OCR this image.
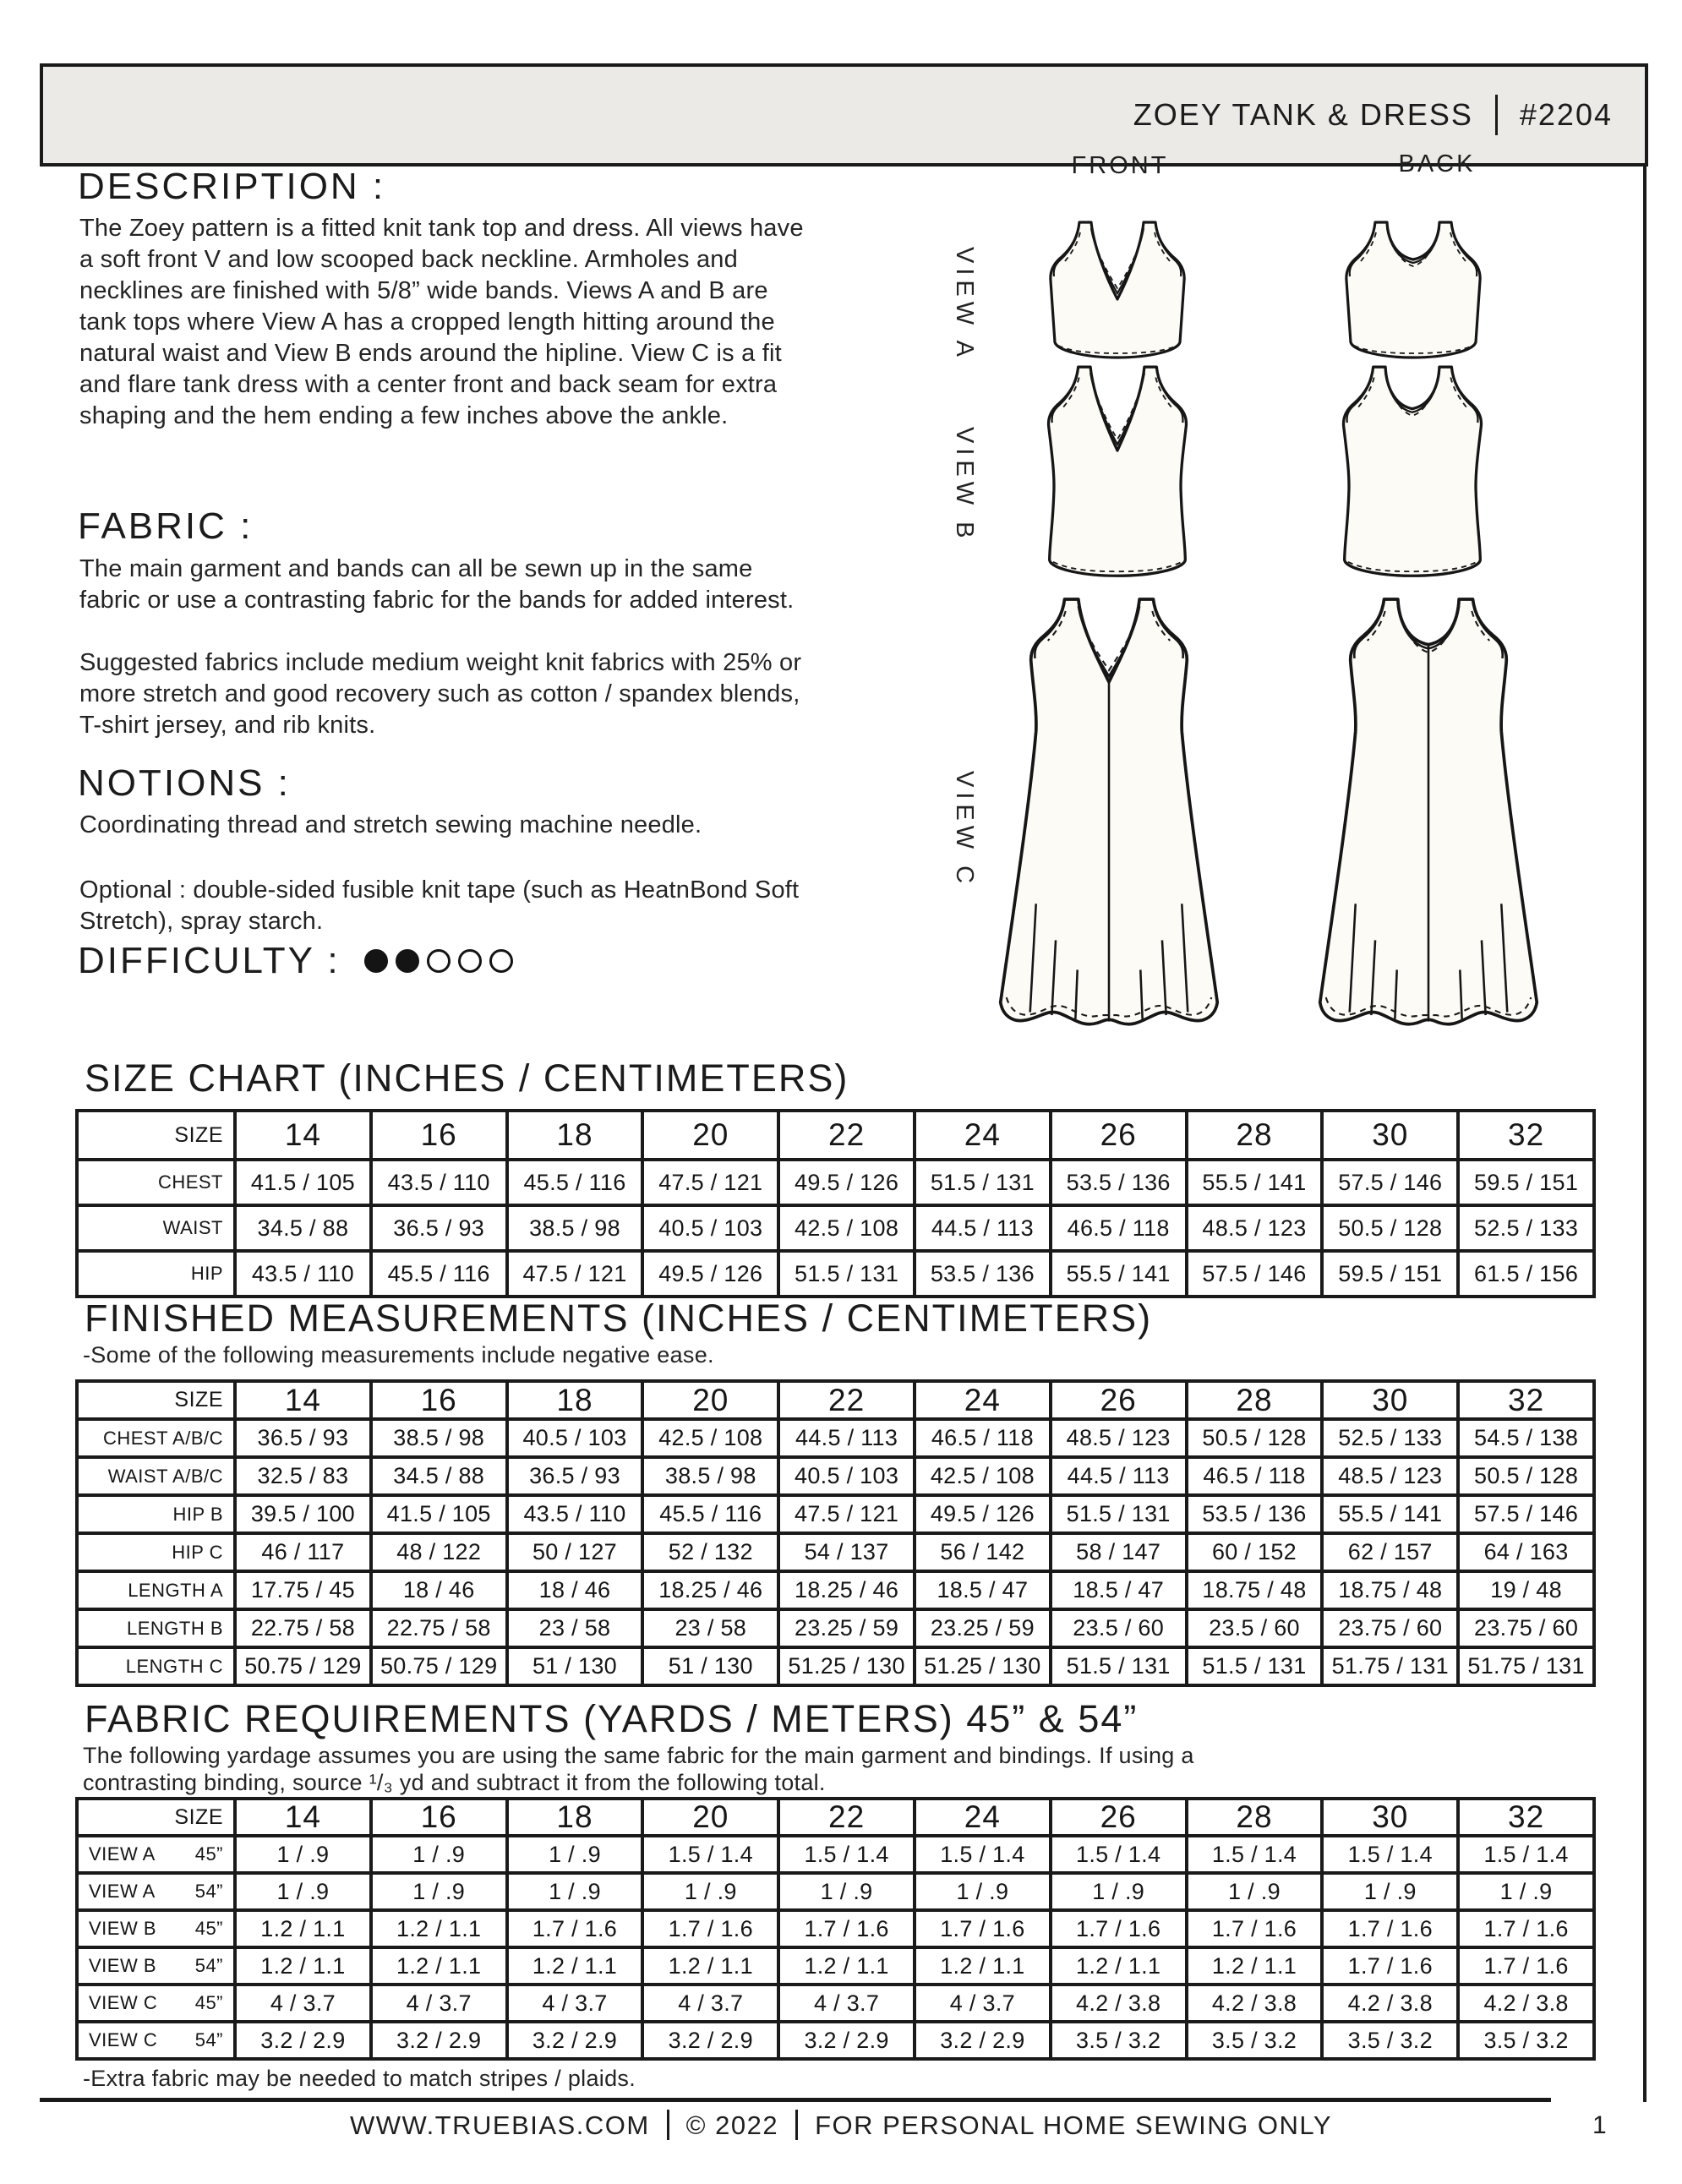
ZOEY TANK & DRESS #2204
DESCRIPTION :
The Zoey pattern is a fitted knit tank top and dress. All views have a soft front V and low scooped back neckline. Armholes and necklines are finished with 5/8” wide bands. Views A and B are tank tops where View A has a cropped length hitting around the natural waist and View B ends around the hipline. View C is a fit and flare tank dress with a center front and back seam for extra shaping and the hem ending a few inches above the ankle.
FABRIC :
The main garment and bands can all be sewn up in the same fabric or use a contrasting fabric for the bands for added interest.
Suggested fabrics include medium weight knit fabrics with 25% or more stretch and good recovery such as cotton / spandex blends, T-shirt jersey, and rib knits.
NOTIONS :
Coordinating thread and stretch sewing machine needle.
Optional : double-sided fusible knit tape (such as HeatnBond Soft Stretch), spray starch.
DIFFICULTY :
FRONT	BACK
VIEW A
VIEW B
VIEW C
SIZE CHART (INCHES / CENTIMETERS)
SIZE	14	16	18	20	22	24	26	28	30	32
CHEST	41.5 / 105	43.5 / 110	45.5 / 116	47.5 / 121	49.5 / 126	51.5 / 131	53.5 / 136	55.5 / 141	57.5 / 146	59.5 / 151
WAIST	34.5 / 88	36.5 / 93	38.5 / 98	40.5 / 103	42.5 / 108	44.5 / 113	46.5 / 118	48.5 / 123	50.5 / 128	52.5 / 133
HIP	43.5 / 110	45.5 / 116	47.5 / 121	49.5 / 126	51.5 / 131	53.5 / 136	55.5 / 141	57.5 / 146	59.5 / 151	61.5 / 156
FINISHED MEASUREMENTS (INCHES / CENTIMETERS)
-Some of the following measurements include negative ease.
SIZE	14	16	18	20	22	24	26	28	30	32
CHEST A/B/C	36.5 / 93	38.5 / 98	40.5 / 103	42.5 / 108	44.5 / 113	46.5 / 118	48.5 / 123	50.5 / 128	52.5 / 133	54.5 / 138
WAIST A/B/C	32.5 / 83	34.5 / 88	36.5 / 93	38.5 / 98	40.5 / 103	42.5 / 108	44.5 / 113	46.5 / 118	48.5 / 123	50.5 / 128
HIP B	39.5 / 100	41.5 / 105	43.5 / 110	45.5 / 116	47.5 / 121	49.5 / 126	51.5 / 131	53.5 / 136	55.5 / 141	57.5 / 146
HIP C	46 / 117	48 / 122	50 / 127	52 / 132	54 / 137	56 / 142	58 / 147	60 / 152	62 / 157	64 / 163
LENGTH A	17.75 / 45	18 / 46	18 / 46	18.25 / 46	18.25 / 46	18.5 / 47	18.5 / 47	18.75 / 48	18.75 / 48	19 / 48
LENGTH B	22.75 / 58	22.75 / 58	23 / 58	23 / 58	23.25 / 59	23.25 / 59	23.5 / 60	23.5 / 60	23.75 / 60	23.75 / 60
LENGTH C	50.75 / 129	50.75 / 129	51 / 130	51 / 130	51.25 / 130	51.25 / 130	51.5 / 131	51.5 / 131	51.75 / 131	51.75 / 131
FABRIC REQUIREMENTS (YARDS / METERS) 45” & 54”
The following yardage assumes you are using the same fabric for the main garment and bindings. If using a
contrasting binding, source ¹/₃ yd and subtract it from the following total.
SIZE	14	16	18	20	22	24	26	28	30	32
VIEW A 45”	1 / .9	1 / .9	1 / .9	1.5 / 1.4	1.5 / 1.4	1.5 / 1.4	1.5 / 1.4	1.5 / 1.4	1.5 / 1.4	1.5 / 1.4
VIEW A 54”	1 / .9	1 / .9	1 / .9	1 / .9	1 / .9	1 / .9	1 / .9	1 / .9	1 / .9	1 / .9
VIEW B 45”	1.2 / 1.1	1.2 / 1.1	1.7 / 1.6	1.7 / 1.6	1.7 / 1.6	1.7 / 1.6	1.7 / 1.6	1.7 / 1.6	1.7 / 1.6	1.7 / 1.6
VIEW B 54”	1.2 / 1.1	1.2 / 1.1	1.2 / 1.1	1.2 / 1.1	1.2 / 1.1	1.2 / 1.1	1.2 / 1.1	1.2 / 1.1	1.7 / 1.6	1.7 / 1.6
VIEW C 45”	4 / 3.7	4 / 3.7	4 / 3.7	4 / 3.7	4 / 3.7	4 / 3.7	4.2 / 3.8	4.2 / 3.8	4.2 / 3.8	4.2 / 3.8
VIEW C 54”	3.2 / 2.9	3.2 / 2.9	3.2 / 2.9	3.2 / 2.9	3.2 / 2.9	3.2 / 2.9	3.5 / 3.2	3.5 / 3.2	3.5 / 3.2	3.5 / 3.2
-Extra fabric may be needed to match stripes / plaids.
WWW.TRUEBIAS.COM © 2022 FOR PERSONAL HOME SEWING ONLY	1
